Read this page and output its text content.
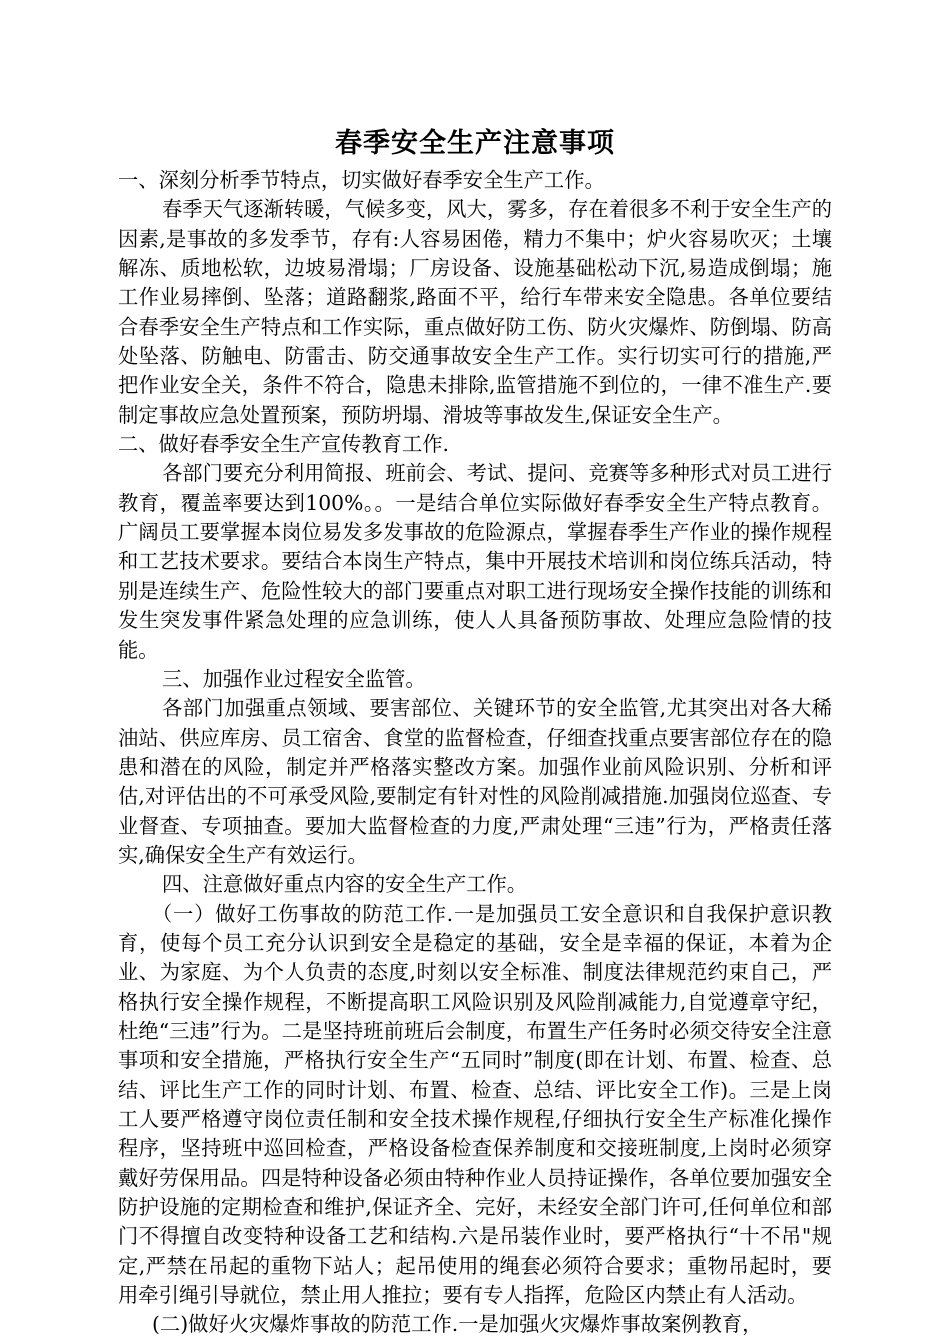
春季安全生产注意事项

一、深刻分析季节特点，切实做好春季安全生产工作。

春季天气逐渐转暖，气候多变，风大，雾多，存在着很多不利于安全生产的因素,是事故的多发季节，存有:人容易困倦，精力不集中；炉火容易吹灭；土壤解冻、质地松软，边坡易滑塌；厂房设备、设施基础松动下沉,易造成倒塌；施工作业易摔倒、坠落；道路翻浆,路面不平，给行车带来安全隐患。各单位要结合春季安全生产特点和工作实际，重点做好防工伤、防火灾爆炸、防倒塌、防高处坠落、防触电、防雷击、防交通事故安全生产工作。实行切实可行的措施,严把作业安全关，条件不符合，隐患未排除,监管措施不到位的，一律不准生产.要制定事故应急处置预案，预防坍塌、滑坡等事故发生,保证安全生产。

二、做好春季安全生产宣传教育工作.

各部门要充分利用简报、班前会、考试、提问、竞赛等多种形式对员工进行教育，覆盖率要达到100%。。一是结合单位实际做好春季安全生产特点教育。广阔员工要掌握本岗位易发多发事故的危险源点，掌握春季生产作业的操作规程和工艺技术要求。要结合本岗生产特点，集中开展技术培训和岗位练兵活动，特别是连续生产、危险性较大的部门要重点对职工进行现场安全操作技能的训练和发生突发事件紧急处理的应急训练，使人人具备预防事故、处理应急险情的技能。

三、加强作业过程安全监管。

各部门加强重点领域、要害部位、关键环节的安全监管,尤其突出对各大稀油站、供应库房、员工宿舍、食堂的监督检查，仔细查找重点要害部位存在的隐患和潜在的风险，制定并严格落实整改方案。加强作业前风险识别、分析和评估,对评估出的不可承受风险,要制定有针对性的风险削减措施.加强岗位巡查、专业督查、专项抽查。要加大监督检查的力度,严肃处理“三违”行为，严格责任落实,确保安全生产有效运行。

四、注意做好重点内容的安全生产工作。

（一）做好工伤事故的防范工作.一是加强员工安全意识和自我保护意识教育，使每个员工充分认识到安全是稳定的基础，安全是幸福的保证，本着为企业、为家庭、为个人负责的态度,时刻以安全标准、制度法律规范约束自己，严格执行安全操作规程，不断提高职工风险识别及风险削减能力,自觉遵章守纪，杜绝“三违”行为。二是坚持班前班后会制度，布置生产任务时必须交待安全注意事项和安全措施，严格执行安全生产“五同时”制度(即在计划、布置、检查、总结、评比生产工作的同时计划、布置、检查、总结、评比安全工作)。三是上岗工人要严格遵守岗位责任制和安全技术操作规程,仔细执行安全生产标准化操作程序，坚持班中巡回检查，严格设备检查保养制度和交接班制度,上岗时必须穿戴好劳保用品。四是特种设备必须由特种作业人员持证操作，各单位要加强安全防护设施的定期检查和维护,保证齐全、完好，未经安全部门许可,任何单位和部门不得擅自改变特种设备工艺和结构.六是吊装作业时，要严格执行“十不吊"规定,严禁在吊起的重物下站人；起吊使用的绳套必须符合要求；重物吊起时，要用牵引绳引导就位，禁止用人推拉；要有专人指挥，危险区内禁止有人活动。

(二)做好火灾爆炸事故的防范工作.一是加强火灾爆炸事故案例教育，
